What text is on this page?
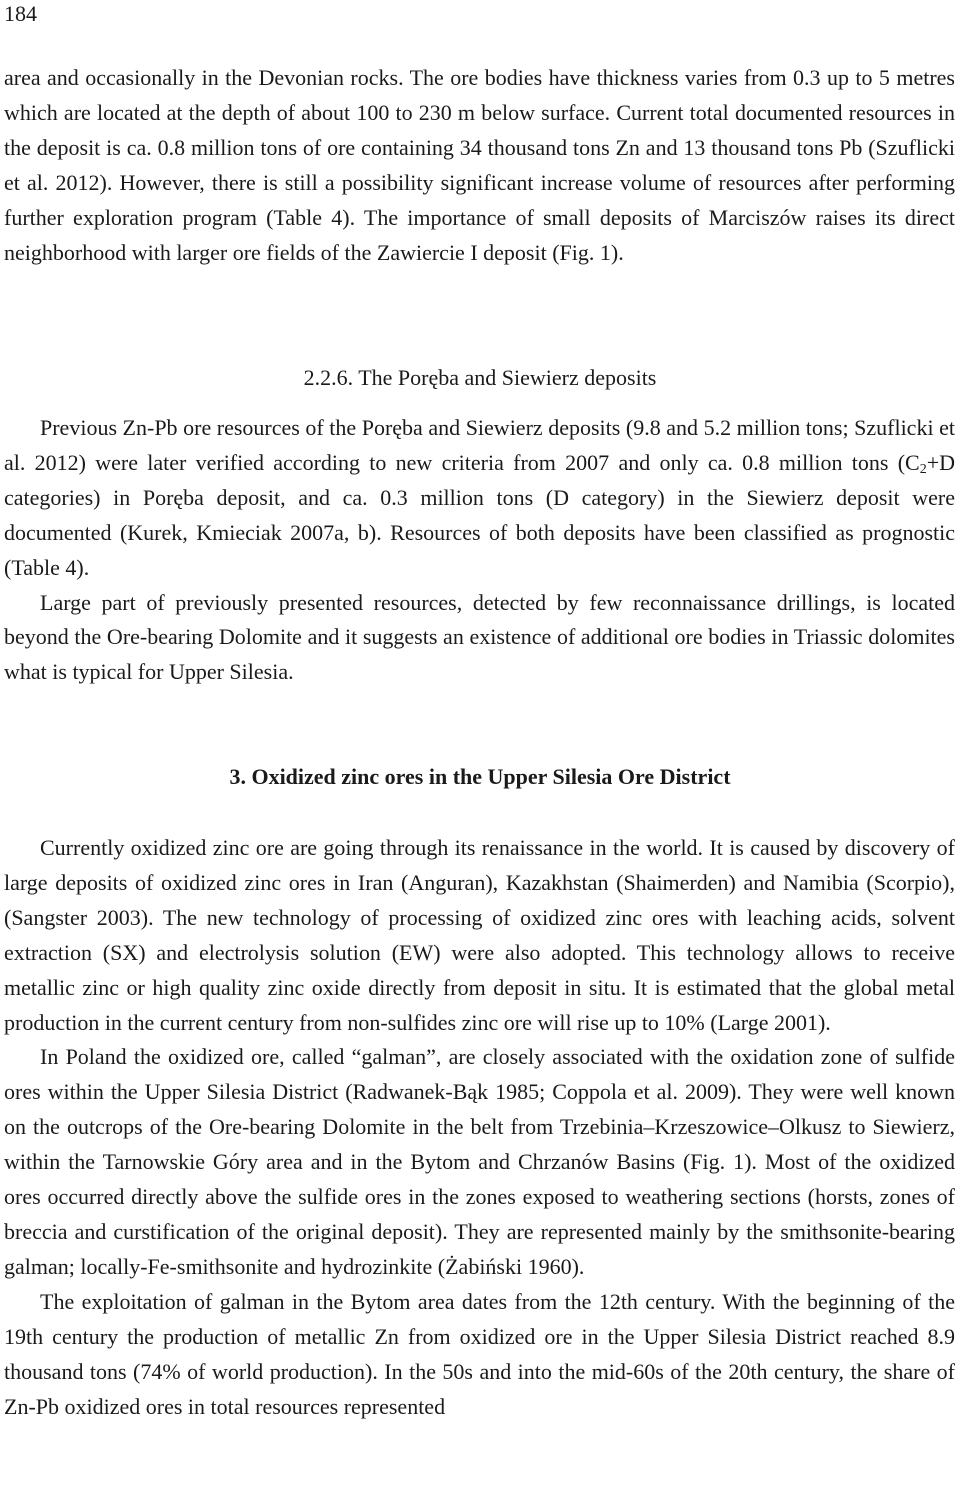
184

area and occasionally in the Devonian rocks. The ore bodies have thickness varies from 0.3 up to 5 metres which are located at the depth of about 100 to 230 m below surface. Current total documented resources in the deposit is ca. 0.8 million tons of ore containing 34 thousand tons Zn and 13 thousand tons Pb (Szuflicki et al. 2012). However, there is still a possibility significant increase volume of resources after performing further exploration program (Table 4). The importance of small deposits of Marciszów raises its direct neighborhood with larger ore fields of the Zawiercie I deposit (Fig. 1).

2.2.6. The Poręba and Siewierz deposits

Previous Zn-Pb ore resources of the Poręba and Siewierz deposits (9.8 and 5.2 million tons; Szuflicki et al. 2012) were later verified according to new criteria from 2007 and only ca. 0.8 million tons ($C_2+D$ categories) in Poręba deposit, and ca. 0.3 million tons (D category) in the Siewierz deposit were documented (Kurek, Kmieciak 2007a, b). Resources of both deposits have been classified as prognostic (Table 4).

Large part of previously presented resources, detected by few reconnaissance drillings, is located beyond the Ore-bearing Dolomite and it suggests an existence of additional ore bodies in Triassic dolomites what is typical for Upper Silesia.

3. Oxidized zinc ores in the Upper Silesia Ore District

Currently oxidized zinc ore are going through its renaissance in the world. It is caused by discovery of large deposits of oxidized zinc ores in Iran (Anguran), Kazakhstan (Shaimerden) and Namibia (Scorpio), (Sangster 2003). The new technology of processing of oxidized zinc ores with leaching acids, solvent extraction (SX) and electrolysis solution (EW) were also adopted. This technology allows to receive metallic zinc or high quality zinc oxide directly from deposit in situ. It is estimated that the global metal production in the current century from non-sulfides zinc ore will rise up to 10% (Large 2001).

In Poland the oxidized ore, called “galman”, are closely associated with the oxidation zone of sulfide ores within the Upper Silesia District (Radwanek-Bąk 1985; Coppola et al. 2009). They were well known on the outcrops of the Ore-bearing Dolomite in the belt from Trzebinia–Krzeszowice–Olkusz to Siewierz, within the Tarnowskie Góry area and in the Bytom and Chrzanów Basins (Fig. 1). Most of the oxidized ores occurred directly above the sulfide ores in the zones exposed to weathering sections (horsts, zones of breccia and curstification of the original deposit). They are represented mainly by the smithsonite-bearing galman; locally-Fe-smithsonite and hydrozinkite (Żabiński 1960).

The exploitation of galman in the Bytom area dates from the 12th century. With the beginning of the 19th century the production of metallic Zn from oxidized ore in the Upper Silesia District reached 8.9 thousand tons (74% of world production). In the 50s and into the mid-60s of the 20th century, the share of Zn-Pb oxidized ores in total resources represented
